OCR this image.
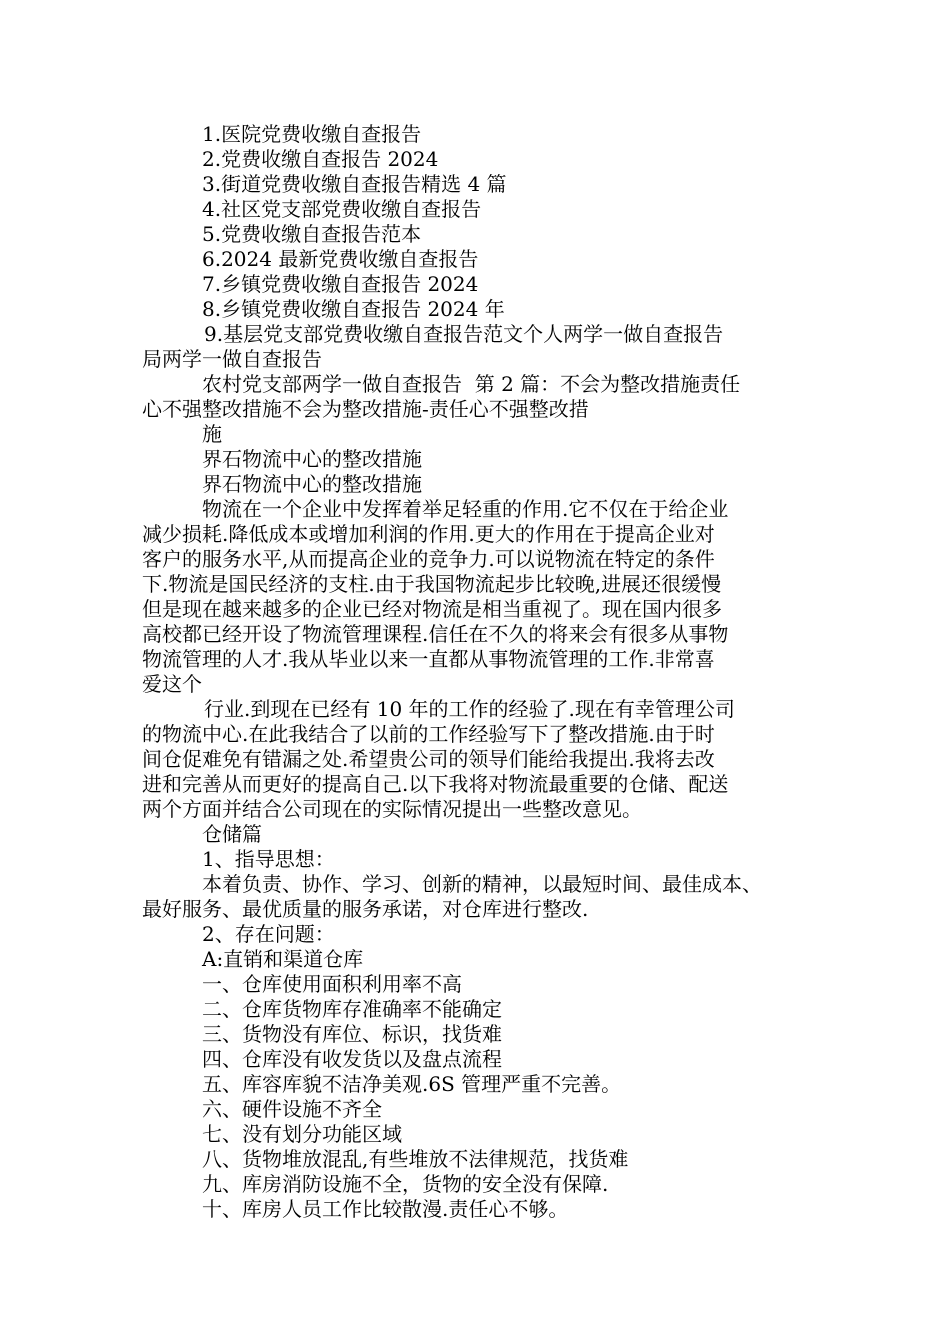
1.医院党费收缴自查报告
2.党费收缴自查报告 2024
3.街道党费收缴自查报告精选 4 篇
4.社区党支部党费收缴自查报告
5.党费收缴自查报告范本
6.2024 最新党费收缴自查报告
7.乡镇党费收缴自查报告 2024
8.乡镇党费收缴自查报告 2024 年
9.基层党支部党费收缴自查报告范文个人两学一做自查报告
局两学一做自查报告
农村党支部两学一做自查报告  第 2 篇：不会为整改措施责任
心不强整改措施不会为整改措施-责任心不强整改措
施
界石物流中心的整改措施
界石物流中心的整改措施
物流在一个企业中发挥着举足轻重的作用.它不仅在于给企业
减少损耗.降低成本或增加利润的作用.更大的作用在于提高企业对
客户的服务水平,从而提高企业的竞争力.可以说物流在特定的条件
下.物流是国民经济的支柱.由于我国物流起步比较晚,进展还很缓慢
但是现在越来越多的企业已经对物流是相当重视了。现在国内很多
高校都已经开设了物流管理课程.信任在不久的将来会有很多从事物
物流管理的人才.我从毕业以来一直都从事物流管理的工作.非常喜
爱这个
行业.到现在已经有 10 年的工作的经验了.现在有幸管理公司
的物流中心.在此我结合了以前的工作经验写下了整改措施.由于时
间仓促难免有错漏之处.希望贵公司的领导们能给我提出.我将去改
进和完善从而更好的提高自己.以下我将对物流最重要的仓储、配送
两个方面并结合公司现在的实际情况提出一些整改意见。
仓储篇
1、指导思想：
本着负责、协作、学习、创新的精神，以最短时间、最佳成本、
最好服务、最优质量的服务承诺，对仓库进行整改.
2、存在问题：
A:直销和渠道仓库
一、仓库使用面积利用率不高
二、仓库货物库存准确率不能确定
三、货物没有库位、标识，找货难
四、仓库没有收发货以及盘点流程
五、库容库貌不洁净美观.6S 管理严重不完善。
六、硬件设施不齐全
七、没有划分功能区域
八、货物堆放混乱,有些堆放不法律规范，找货难
九、库房消防设施不全，货物的安全没有保障.
十、库房人员工作比较散漫.责任心不够。
